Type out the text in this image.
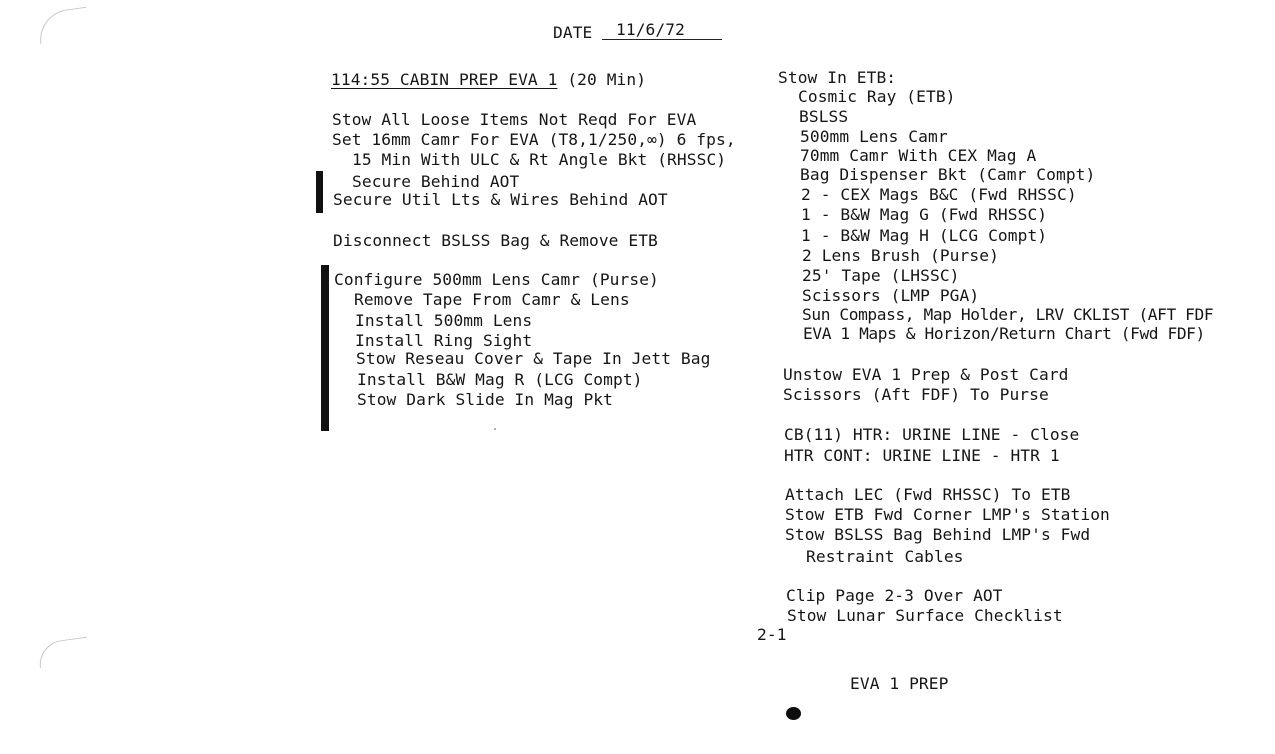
DATE 11/6/72
114:55 CABIN PREP EVA 1 (20 Min)
Stow All Loose Items Not Reqd For EVA
Set 16mm Camr For EVA (T8,1/250,∞) 6 fps,
15 Min With ULC & Rt Angle Bkt (RHSSC)
Secure Behind AOT
Secure Util Lts & Wires Behind AOT
Disconnect BSLSS Bag & Remove ETB
Configure 500mm Lens Camr (Purse)
Remove Tape From Camr & Lens
Install 500mm Lens
Install Ring Sight
Stow Reseau Cover & Tape In Jett Bag
Install B&W Mag R (LCG Compt)
Stow Dark Slide In Mag Pkt
Stow In ETB:
Cosmic Ray (ETB)
BSLSS
500mm Lens Camr
70mm Camr With CEX Mag A
Bag Dispenser Bkt (Camr Compt)
2 - CEX Mags B&C (Fwd RHSSC)
1 - B&W Mag G (Fwd RHSSC)
1 - B&W Mag H (LCG Compt)
2 Lens Brush (Purse)
25' Tape (LHSSC)
Scissors (LMP PGA)
Sun Compass, Map Holder, LRV CKLIST (AFT FDF
EVA 1 Maps & Horizon/Return Chart (Fwd FDF)
Unstow EVA 1 Prep & Post Card
Scissors (Aft FDF) To Purse
CB(11) HTR: URINE LINE - Close
HTR CONT: URINE LINE - HTR 1
Attach LEC (Fwd RHSSC) To ETB
Stow ETB Fwd Corner LMP's Station
Stow BSLSS Bag Behind LMP's Fwd
Restraint Cables
Clip Page 2-3 Over AOT
Stow Lunar Surface Checklist
2-1
EVA 1 PREP
